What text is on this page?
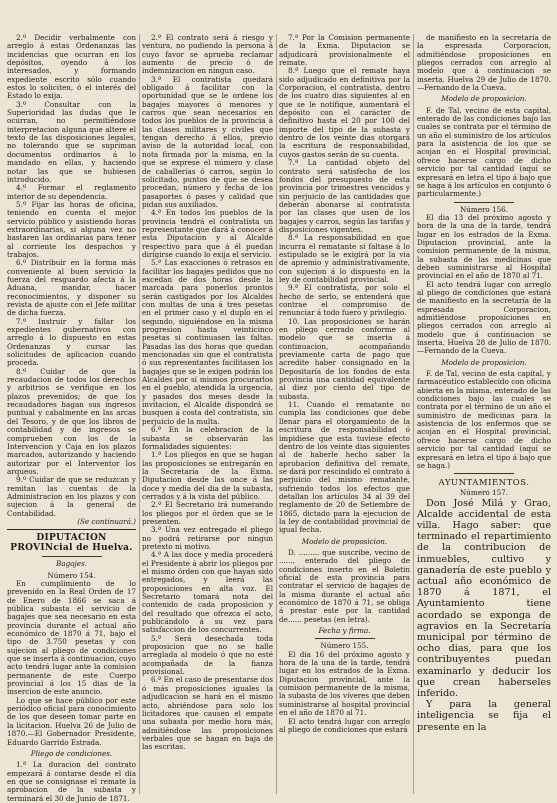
2.º Decidir verbalmente con arreglo á estas Ordenanzas las incidencias que ocurran en los depósitos, oyendo á los interesados, y formando expediente escrito sólo cuando estos lo soliciten, ó el interés del Estado lo exija.

3.º Consultar con la Superioridad las dudas que le ocurran, no permitiéndose interpretacion alguna que altere el texto de las disposiciones legales, no tolerando que se supriman documentos ordinarios á lo mandado en ellas, y haciendo notar las que se hubiesen introducido.

4.º Formar el reglamento interior de su dependencia.

5.º Fijar las horas de oficina, teniendo en cuenta el mejor servicio público y asistiendo horas extraordinarias, si alguna vez no bastaren las ordinarias para tener al corriente los despachos y trabajos.

6.º Distribuir en la forma más conveniente al buen servicio la fuerza del resguardo afecta á la Aduana, mandar, hacer reconocimientos, y disponer su revista de ajuste con el Jefe militar de dicha fuerza.

7.º Instruir y fallar los expedientes gubernativos con arreglo á lo dispuesto en estas Ordenanzas y cursar las solicitudes de aplicacion cuando proceda.

8.º Cuidar de que la recaudacion de todos los derechos y arbitrios se verifique en los plazos prevenidos; de que los recaudadores hagan sus ingresos puntual y cabalmente en las arcas del Tesoro, y de que los libros de contabilidad y de ingresos se comprueben con los de la Intervencion y Caja en los plazos marcados, autorizando y haciendo autorizar por el Interventor los arqueos.

9.º Cuidar de que se reduzcan y remitan las cuentas de la Administracion en los plazos y con sujecion á la general de Contabilidad.

(Se continuará.)

DIPUTACION PROVINcial de Huelva.

Bagajes.

Número 154.

En cumplimiento de lo prevenido en la Real Orden de 17 de Enero de 1866 se saca á pública subasta el servicio de bagajes que sea necesario en esta provincia durante el actual año económico de 1870 á 71, bajo el tipo de 3.750 pesetas y con sujecion al pliego de condiciones que se inserta á continuacion, cuyo acto tendrá lugar ante la comision permanente de este Cuerpo provincial á los 15 dias de la insercion de este anuncio.

Lo que se hace público por este periódico oficial para conocimiento de los que deseen tomar parte en la licitacion. Huelva 26 de Julio de 1870.—El Gobernador Presidente, Eduardo Garrido Estrada.

Pliego de condiciones.

1.ª La duracion del contrato empezará á contarse desde el dia en que se consignase el remate la aprobacion de la subasta y terminará el 30 de Junio de 1871.

2.ª El contrato será á riesgo y ventura, no pudiendo la persona á cuyo favor se aprueba reclamar aumento de precio ó de indemnizacion en ningun caso.

3.ª El contratista quedará obligado á facilitar con la oportunidad que se le ordene los bagajes mayores ó menores y carros que sean necesarios en todos los pueblos de la provincia á las clases militares y civiles que tengan derecho á ellos, previo aviso de la autoridad local, con nota firmada por la misma, en la que se exprese el número y clase de caballerías ó carros, según lo solicitado, puntos de que se desea procedan, número y fecha de los pasaportes ó pases y calidad que pidan sus auxiliados.

4.ª En todos los pueblos de la provincia tendrá el contratista un representante que dará á conocer á esta Diputacion y al Alcalde respectivo para que á él puedan dirigirse cuando lo exija el servicio.

5.ª Las exacciones ó retrasos en facilitar los bagajes pedidos que no excedan de dos horas desde la marcada para ponerlos prontos serán castigados por los Alcaldes con multas de una á tres pesetas en el primer caso y el duplo en el segundo, siguiéndose en la misma progresion hasta veinticinco pesetas si continuasen las faltas. Pasadas las dos horas que quedan mencionadas sin que el contratista ó sus representantes facilitasen los bagajes que se le exigen podrán los Alcaldes por sí mismos procurarlos en el pueblo, atendida la urgencia, y pasados dos meses desde la invitacion, el Alcalde dispondrá se busquen á costa del contratista, sin perjuicio de la multa.

6.ª En la celebracion de la subasta se observarán las formalidades siguientes:

1.ª Los pliegos en que se hagan las proposiciones se entregarán en la Secretaría de la Exma. Diputacion desde las once á las doce y media del dia de la subasta, cerrados y á la vista del público.

2.ª El Secretario irá numerando los pliegos por el órden que se le presenten.

3.ª Una vez entregado el pliego no podrá retirarse por ningun pretexto ni motivo.

4.ª A las doce y media procederá el Presidente á abrir los pliegos por el mismo órden con que hayan sido entregados, y leerá las proposiciones en alta voz. El Secretario tomará nota del contenido de cada proposicion y del resultado que ofrezca el acto, publicándolo á su vez para satisfaccion de los concurrentes.

5.ª Será desechada toda proposicion que no se halle arreglada al modelo ó que no esté acompañada de la fianza provisional.

6.ª En el caso de presentarse dos ó más proposiciones iguales la adjudicacion se hará en el mismo acto, abriéndose para solo los licitadores que causen el empate una subasta por medio hora más, admitiéndose las proposiciones verbales que se hagan en baja de las escritas.

7.ª Por la Comision permanente de la Exma. Diputacion se adjudicará provisionalmente el remate.

8.ª Luego que el remate haya sido adjudicado en definitiva por la Corporacion, el contratista, dentro de los cuatro dias siguientes al en que se le notifique, aumentará el depósito con el carácter de definitivo hasta el 20 por 100 del importe del tipo de la subasta y dentro de los veinte dias otorgará la escritura de responsabilidad, cuyos gastos serán de su cuenta.

7.ª La cantidad objeto del contrato será satisfecha de los fondos del presupuesto de esta provincia por trimestres vencidos y sin perjuicio de las cantidades que deberán abonarse al contratista por las clases que usen de los bagajes y carros, según las tarifas y disposiciones vigentes.

8.ª La responsabilidad en que incurra el rematante si faltase á lo estipulado se le exigirá por la via de apremio y administrativamente, con sujecion á lo dispuesto en la ley de contabilidad provincial.

9.ª El contratista, por solo el hecho de serlo, se entenderá que contrae el compromiso de renunciar á todo fuero y privilegio.

10. Las proposiciones se harán en pliego cerrado conforme al modelo que se inserta á continuacion, acompañando previamente carta de pago que acredite haber consignado en la Depositaría de los fondos de esta provincia una cantidad equivalente al diez por ciento del tipo de subasta.

11. Cuando el rematante no cumpla las condiciones que debe llenar para el otorgamiento de la escritura de responsabilidad ó impidiese que esta tuviese efecto dentro de los veinte dias siguientes al de haberle hecho saber la aprobacion definitiva del remate, se dará por rescindido el contrato á perjuicio del mismo rematante, sufriendo todos los efectos que detallan los artículos 34 al 39 del reglamento de 20 de Setiembre de 1865, dictado para la ejecucion de la ley de contabilidad provincial de igual fecha.

Modelo de proposicion.

D. ......... que suscribe, vecino de ......, enterado del pliego de condiciones inserto en el Boletin oficial de esta provincia para contratar el servicio de bagajes de la misma durante el actual año económico de 1870 á 71, se obliga á prestar este por la cantidad de...... pesetas (en letra).

Fecha y firma.

Número 155.

El dia 16 del próximo agosto y hora de la una de la tarde, tendrá lugar en los estrados de la Exma. Diputacion provincial, ante la comision permanente de la misma, la subasta de los víveres que deben suministrarse al hospital provincial en el año de 1870 al 71.

El acto tendrá lugar con arreglo al pliego de condiciones que estará

de manifiesto en la secretaría de la espresada Corporacion, admitiéndose proposiciones en pliegos cerrados con arreglo al modelo que á continuacion se inserta. Huelva 29 de Julio de 1870.—Fernando de la Cueva.

Modelo de proposicion.

F. de Tal, vecino de esta capital, enterado de las condiciones bajo las cuales se contrata por el término de un año el suministro de los artículos para la asistencia de los que se acojan en el Hospital provincial, ofrece hacerse cargo de dicho servicio por tal cantidad (aquí se expresará en letra el tipo á bajo que se haga á los artículos en conjunto ó particularmente.)

Número 156.

El dia 13 del próximo agosto y hora de la una de la tarde, tendrá lugar en los estrados de la Exma. Diputacion provincial, ante la comision permanente de la misma, la subasta de las medicinas que deben suministrarse al Hospital provincial en el año de 1870 al 71.

El acto tendrá lugar con arreglo al pliego de condiciones que estará de manifiesto en la secretaría de la espresada Corporacion, admitiéndose proposiciones en pliegos cerrados con arreglo al modelo que á continuacion se inserta. Huelva 28 de Julio de 1870.—Fernando de la Cueva.

Modelo de proposicion.

F. de Tal, vecino de esta capital, y farmacéutico establecido con oficina abierta en la misma, enterado de las condiciones bajo las cuales se contrata por el término de un año el suministro de medicinas para la asistencia de los enfermos que se acojan en el Hospital provincial, ofrece hacerse cargo de dicho servicio por tal cantidad (aquí se expresará en letra el tipo á bajo que se haga.)

AYUNTAMIENTOS.

Número 157.

Don José Milá y Grao, Alcalde accidental de esta villa. Hago saber: que terminado el repartimiento de la contribucion de inmuebles, cultivo y ganadería de este pueblo y actual año económico de 1870 á 1871, el Ayuntamiento tiene acordado se exponga de agravios en la Secretaría municipal por término de ocho dias, para que los contribuyentes puedan examinarlo y deducir los que crean haberseles inferido.

Y para la general inteligencia se fija el presente en la
